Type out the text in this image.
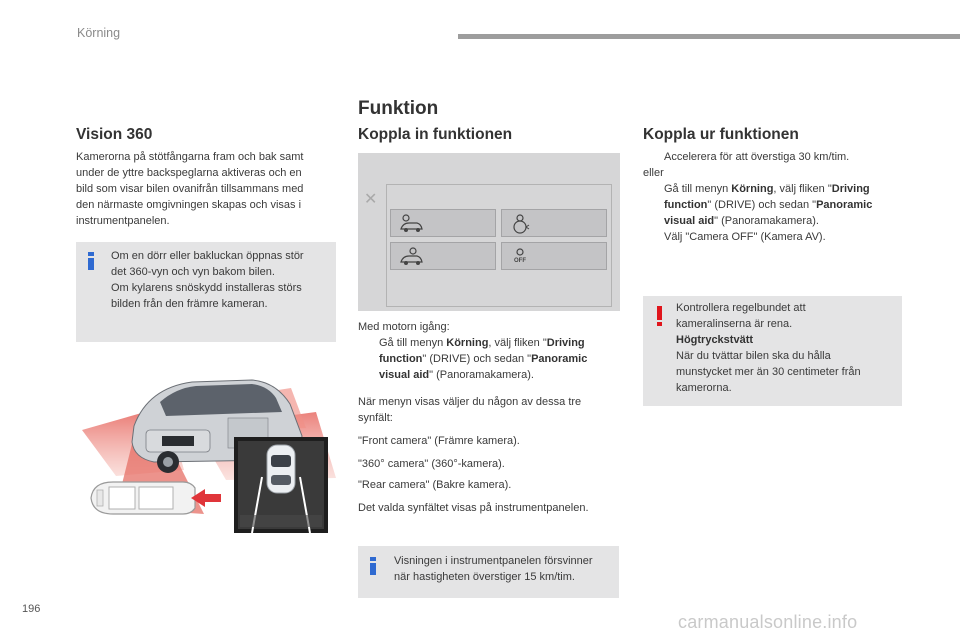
Körning
Funktion
Vision 360
Kamerorna på stötfångarna fram och bak samt
under de yttre backspeglarna aktiveras och en
bild som visar bilen ovanifrån tillsammans med
den närmaste omgivningen skapas och visas i
instrumentpanelen.
Om en dörr eller bakluckan öppnas stör
det 360-vyn och vyn bakom bilen.
Om kylarens snöskydd installeras störs
bilden från den främre kameran.
Koppla in funktionen
✕
OFF
Med motorn igång:
Gå till menyn Körning, välj fliken "Driving
function" (DRIVE) och sedan "Panoramic
visual aid" (Panoramakamera).
När menyn visas väljer du någon av dessa tre
synfält:
"Front camera" (Främre kamera).
"360° camera" (360°-kamera).
"Rear camera" (Bakre kamera).
Det valda synfältet visas på instrumentpanelen.
Visningen i instrumentpanelen försvinner
när hastigheten överstiger 15 km/tim.
Koppla ur funktionen
Accelerera för att överstiga 30 km/tim.
eller
Gå till menyn Körning, välj fliken "Driving
function" (DRIVE) och sedan "Panoramic
visual aid" (Panoramakamera).
Välj "Camera OFF" (Kamera AV).
Kontrollera regelbundet att
kameralinserna är rena.
Högtryckstvätt
När du tvättar bilen ska du hålla
munstycket mer än 30 centimeter från
kamerorna.
196
carmanualsonline.info
